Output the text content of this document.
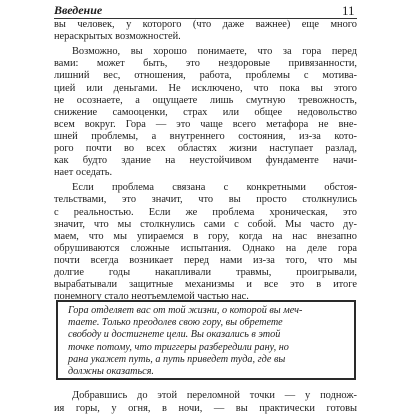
Введение	11
вы человек, у которого (что даже важнее) еще много
нераскрытых возможностей.
Возможно, вы хорошо понимаете, что за гора перед
вами: может быть, это нездоровые привязанности,
лишний вес, отношения, работа, проблемы с мотива-
цией или деньгами. Не исключено, что пока вы этого
не осознаете, а ощущаете лишь смутную тревожность,
снижение самооценки, страх или общее недовольство
всем вокруг. Гора — это чаще всего метафора не вне-
шней проблемы, а внутреннего состояния, из-за кото-
рого почти во всех областях жизни наступает разлад,
как будто здание на неустойчивом фундаменте начи-
нает оседать.
Если проблема связана с конкретными обстоя-
тельствами, это значит, что вы просто столкнулись
с реальностью. Если же проблема хроническая, это
значит, что мы столкнулись сами с собой. Мы часто ду-
маем, что мы упираемся в гору, когда на нас внезапно
обрушиваются сложные испытания. Однако на деле гора
почти всегда возникает перед нами из-за того, что мы
долгие годы накапливали травмы, проигрывали,
вырабатывали защитные механизмы и все это в итоге
понемногу стало неотъемлемой частью нас.
Гора отделяет вас от той жизни, о которой вы меч-
таете. Только преодолев свою гору, вы обретете
свободу и достигнете цели. Вы оказались в этой
точке потому, что триггеры разбередили рану, но
рана укажет путь, а путь приведет туда, где вы
должны оказаться.
Добравшись до этой переломной точки — у поднож-
ия горы, у огня, в ночи, — вы практически готовы
